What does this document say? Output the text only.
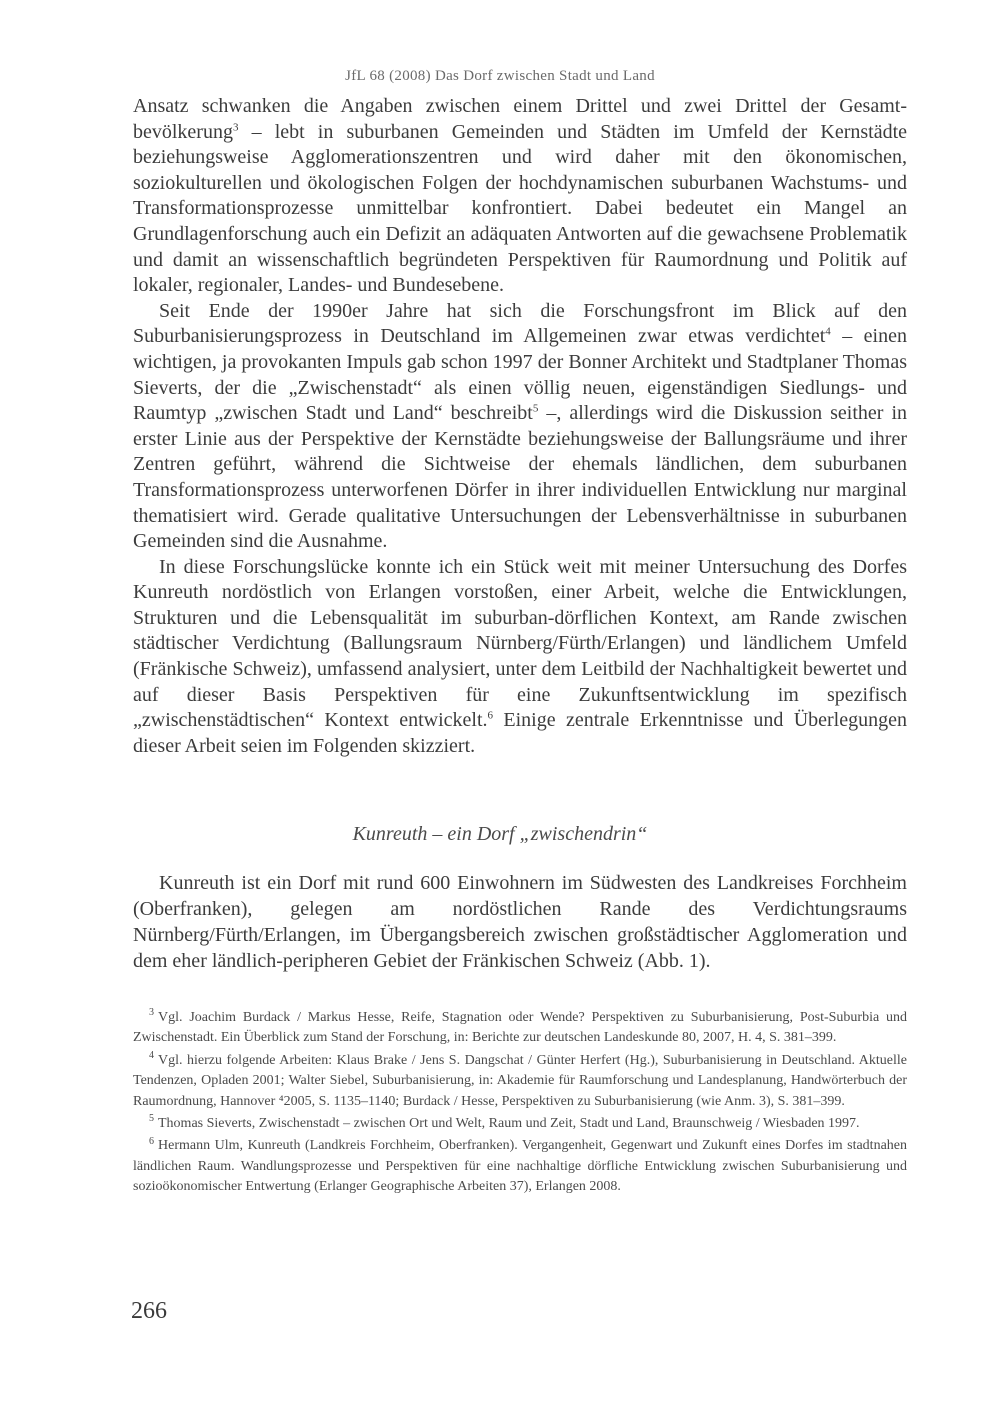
JfL 68 (2008) Das Dorf zwischen Stadt und Land

Ansatz schwanken die Angaben zwischen einem Drittel und zwei Drittel der Gesamt-bevölkerung$^3$ – lebt in suburbanen Gemeinden und Städten im Umfeld der Kernstädte beziehungsweise Agglomerationszentren und wird daher mit den ökonomischen, soziokulturellen und ökologischen Folgen der hochdynamischen suburbanen Wachstums- und Transformationsprozesse unmittelbar konfrontiert. Dabei bedeutet ein Mangel an Grundlagenforschung auch ein Defizit an adäquaten Antworten auf die gewachsene Problematik und damit an wissenschaftlich begründeten Perspektiven für Raumordnung und Politik auf lokaler, regionaler, Landes- und Bundesebene.

Seit Ende der 1990er Jahre hat sich die Forschungsfront im Blick auf den Suburbanisierungsprozess in Deutschland im Allgemeinen zwar etwas verdichtet$^4$ – einen wichtigen, ja provokanten Impuls gab schon 1997 der Bonner Architekt und Stadtplaner Thomas Sieverts, der die „Zwischenstadt“ als einen völlig neuen, eigenständigen Siedlungs- und Raumtyp „zwischen Stadt und Land“ beschreibt$^5$ –, allerdings wird die Diskussion seither in erster Linie aus der Perspektive der Kernstädte beziehungsweise der Ballungsräume und ihrer Zentren geführt, während die Sichtweise der ehemals ländlichen, dem suburbanen Transformationsprozess unterworfenen Dörfer in ihrer individuellen Entwicklung nur marginal thematisiert wird. Gerade qualitative Untersuchungen der Lebensverhältnisse in suburbanen Gemeinden sind die Ausnahme.

In diese Forschungslücke konnte ich ein Stück weit mit meiner Untersuchung des Dorfes Kunreuth nordöstlich von Erlangen vorstoßen, einer Arbeit, welche die Entwicklungen, Strukturen und die Lebensqualität im suburban-dörflichen Kontext, am Rande zwischen städtischer Verdichtung (Ballungsraum Nürnberg/Fürth/Erlangen) und ländlichem Umfeld (Fränkische Schweiz), umfassend analysiert, unter dem Leitbild der Nachhaltigkeit bewertet und auf dieser Basis Perspektiven für eine Zukunftsentwicklung im spezifisch „zwischenstädtischen“ Kontext entwickelt.$^6$ Einige zentrale Erkenntnisse und Überlegungen dieser Arbeit seien im Folgenden skizziert.

Kunreuth – ein Dorf „zwischendrin“

Kunreuth ist ein Dorf mit rund 600 Einwohnern im Südwesten des Landkreises Forchheim (Oberfranken), gelegen am nordöstlichen Rande des Verdichtungsraums Nürnberg/Fürth/Erlangen, im Übergangsbereich zwischen großstädtischer Agglomeration und dem eher ländlich-peripheren Gebiet der Fränkischen Schweiz (Abb. 1).

$^3$ Vgl. Joachim Burdack / Markus Hesse, Reife, Stagnation oder Wende? Perspektiven zu Suburbanisierung, Post-Suburbia und Zwischenstadt. Ein Überblick zum Stand der Forschung, in: Berichte zur deutschen Landeskunde 80, 2007, H. 4, S. 381–399.

$^4$ Vgl. hierzu folgende Arbeiten: Klaus Brake / Jens S. Dangschat / Günter Herfert (Hg.), Suburbanisierung in Deutschland. Aktuelle Tendenzen, Opladen 2001; Walter Siebel, Suburbanisierung, in: Akademie für Raumforschung und Landesplanung, Handwörterbuch der Raumordnung, Hannover ⁴2005, S. 1135–1140; Burdack / Hesse, Perspektiven zu Suburbanisierung (wie Anm. 3), S. 381–399.

$^5$ Thomas Sieverts, Zwischenstadt – zwischen Ort und Welt, Raum und Zeit, Stadt und Land, Braunschweig / Wiesbaden 1997.

$^6$ Hermann Ulm, Kunreuth (Landkreis Forchheim, Oberfranken). Vergangenheit, Gegenwart und Zukunft eines Dorfes im stadtnahen ländlichen Raum. Wandlungsprozesse und Perspektiven für eine nachhaltige dörfliche Entwicklung zwischen Suburbanisierung und sozioökonomischer Entwertung (Erlanger Geographische Arbeiten 37), Erlangen 2008.

266
